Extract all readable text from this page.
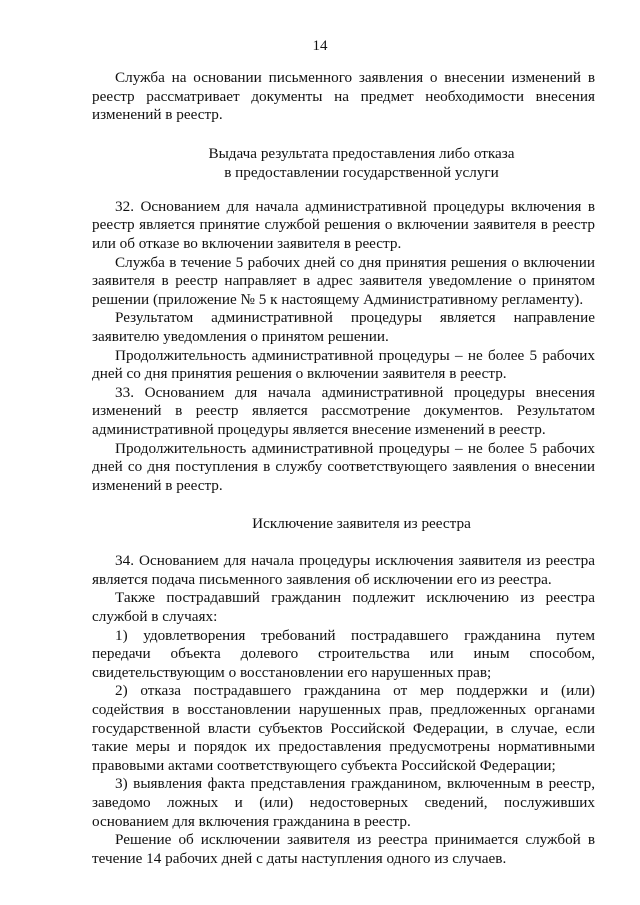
14

Служба на основании письменного заявления о внесении изменений в реестр рассматривает документы на предмет необходимости внесения изменений в реестр.

Выдача результата предоставления либо отказа
в предоставлении государственной услуги

32. Основанием для начала административной процедуры включения в реестр является принятие службой решения о включении заявителя в реестр или об отказе во включении заявителя в реестр.

Служба в течение 5 рабочих дней со дня принятия решения о включении заявителя в реестр направляет в адрес заявителя уведомление о принятом решении (приложение № 5 к настоящему Административному регламенту).

Результатом административной процедуры является направление заявителю уведомления о принятом решении.

Продолжительность административной процедуры – не более 5 рабочих дней со дня принятия решения о включении заявителя в реестр.

33. Основанием для начала административной процедуры внесения изменений в реестр является рассмотрение документов. Результатом административной процедуры является внесение изменений в реестр.

Продолжительность административной процедуры – не более 5 рабочих дней со дня поступления в службу соответствующего заявления о внесении изменений в реестр.

Исключение заявителя из реестра

34. Основанием для начала процедуры исключения заявителя из реестра является подача письменного заявления об исключении его из реестра.

Также пострадавший гражданин подлежит исключению из реестра службой в случаях:

1) удовлетворения требований пострадавшего гражданина путем передачи объекта долевого строительства или иным способом, свидетельствующим о восстановлении его нарушенных прав;

2) отказа пострадавшего гражданина от мер поддержки и (или) содействия в восстановлении нарушенных прав, предложенных органами государственной власти субъектов Российской Федерации, в случае, если такие меры и порядок их предоставления предусмотрены нормативными правовыми актами соответствующего субъекта Российской Федерации;

3) выявления факта представления гражданином, включенным в реестр, заведомо ложных и (или) недостоверных сведений, послуживших основанием для включения гражданина в реестр.

Решение об исключении заявителя из реестра принимается службой в течение 14 рабочих дней с даты наступления одного из случаев.
